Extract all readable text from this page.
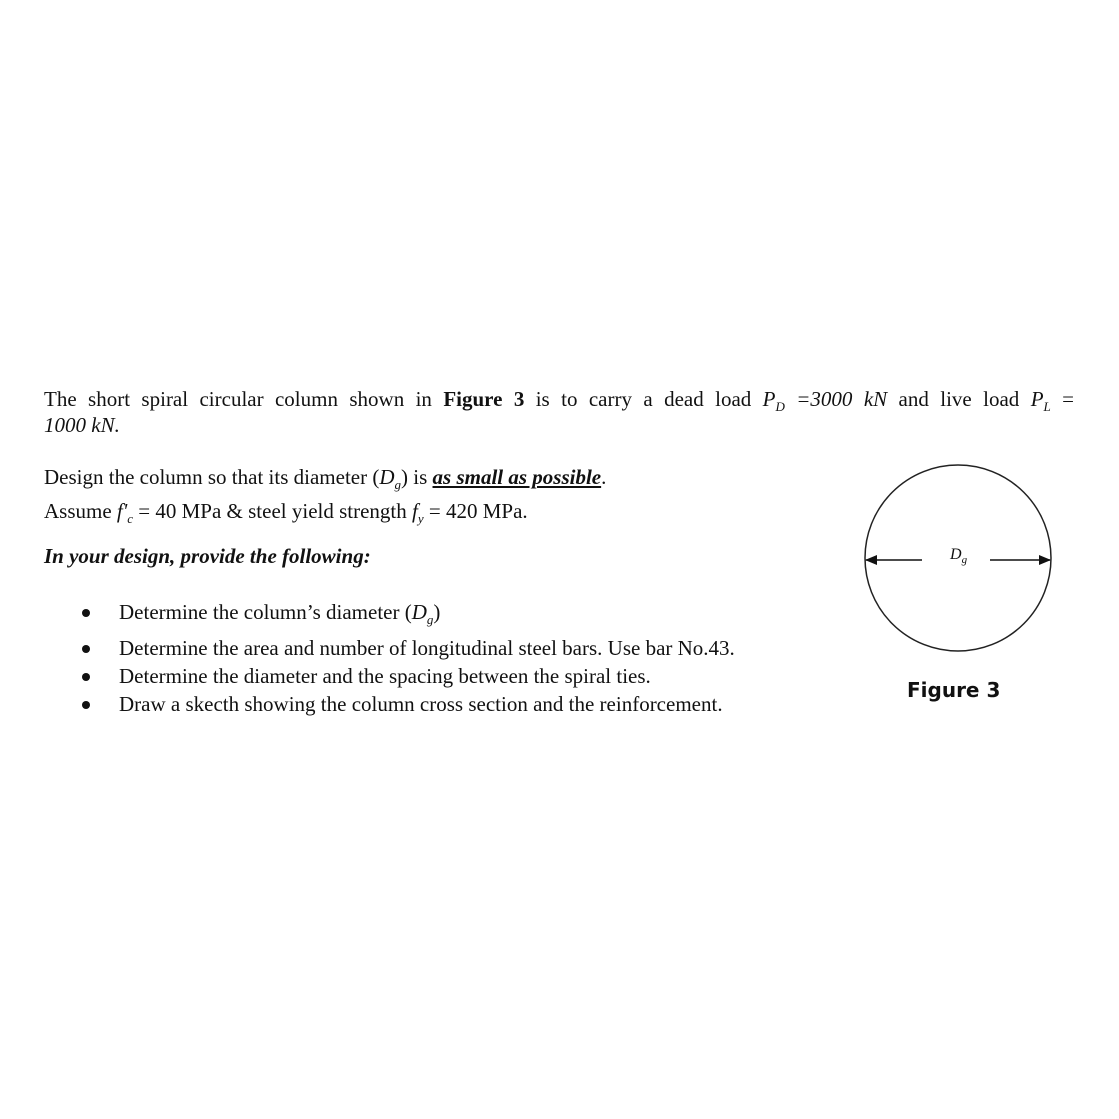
The short spiral circular column shown in Figure 3 is to carry a dead load $P_D =3000$ kN and live load $P_L$ =

1000 kN.

Design the column so that its diameter $(D_g)$ is as small as possible.
Assume $f'_c = 40$ MPa & steel yield strength $f_y = 420$ MPa.

In your design, provide the following:

Determine the column’s diameter $(D_g)$
Determine the area and number of longitudinal steel bars. Use bar No.43.
Determine the diameter and the spacing between the spiral ties.
Draw a skecth showing the column cross section and the reinforcement.
$D_g$
Figure 3
